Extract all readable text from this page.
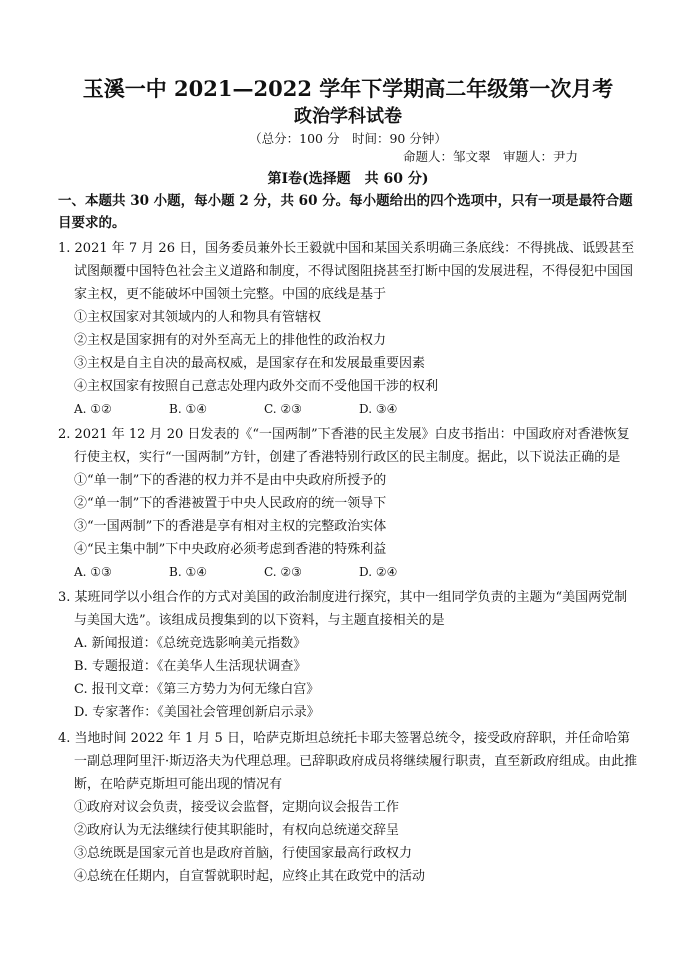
玉溪一中 2021—2022 学年下学期高二年级第一次月考
政治学科试卷
（总分：100 分　时间：90 分钟）
命题人：邹文翠　审题人：尹力
第Ⅰ卷(选择题　共 60 分)
一、本题共 30 小题，每小题 2 分，共 60 分。每小题给出的四个选项中，只有一项是最符合题目要求的。
1. 2021 年 7 月 26 日，国务委员兼外长王毅就中国和某国关系明确三条底线：不得挑战、诋毁甚至试图颠覆中国特色社会主义道路和制度，不得试图阻挠甚至打断中国的发展进程，不得侵犯中国国家主权，更不能破坏中国领土完整。中国的底线是基于
①主权国家对其领域内的人和物具有管辖权
②主权是国家拥有的对外至高无上的排他性的政治权力
③主权是自主自决的最高权威，是国家存在和发展最重要因素
④主权国家有按照自己意志处理内政外交而不受他国干涉的权利
A. ①②	B. ①④	C. ②③	D. ③④
2. 2021 年 12 月 20 日发表的《“一国两制”下香港的民主发展》白皮书指出：中国政府对香港恢复行使主权，实行“一国两制”方针，创建了香港特别行政区的民主制度。据此，以下说法正确的是
①“单一制”下的香港的权力并不是由中央政府所授予的
②“单一制”下的香港被置于中央人民政府的统一领导下
③“一国两制”下的香港是享有相对主权的完整政治实体
④“民主集中制”下中央政府必须考虑到香港的特殊利益
A. ①③	B. ①④	C. ②③	D. ②④
3. 某班同学以小组合作的方式对美国的政治制度进行探究，其中一组同学负责的主题为“美国两党制与美国大选”。该组成员搜集到的以下资料，与主题直接相关的是
A. 新闻报道：《总统竞选影响美元指数》
B. 专题报道：《在美华人生活现状调查》
C. 报刊文章：《第三方势力为何无缘白宫》
D. 专家著作：《美国社会管理创新启示录》
4. 当地时间 2022 年 1 月 5 日，哈萨克斯坦总统托卡耶夫签署总统令，接受政府辞职，并任命哈第一副总理阿里汗·斯迈洛夫为代理总理。已辞职政府成员将继续履行职责，直至新政府组成。由此推断，在哈萨克斯坦可能出现的情况有
①政府对议会负责，接受议会监督，定期向议会报告工作
②政府认为无法继续行使其职能时，有权向总统递交辞呈
③总统既是国家元首也是政府首脑，行使国家最高行政权力
④总统在任期内，自宣誓就职时起，应终止其在政党中的活动
